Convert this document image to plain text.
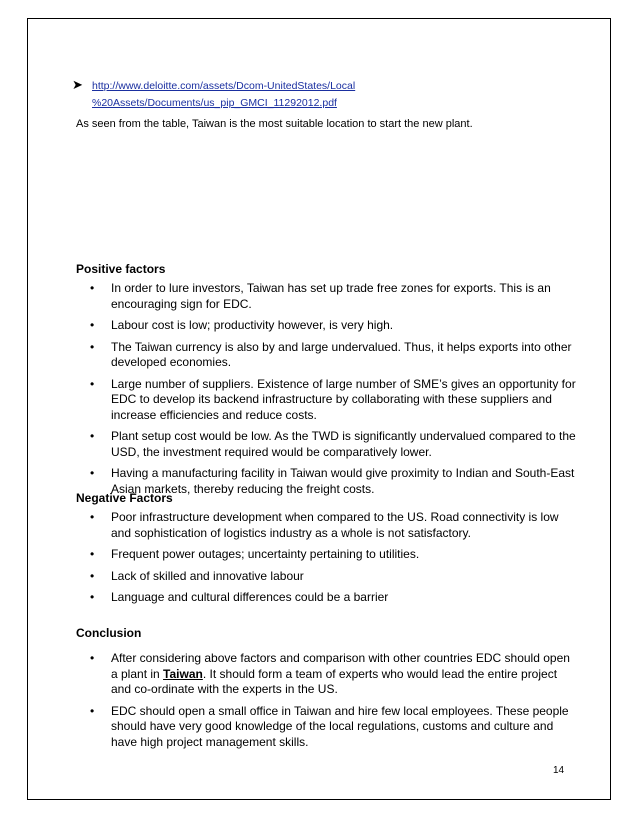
➤ http://www.deloitte.com/assets/Dcom-UnitedStates/Local
%20Assets/Documents/us_pip_GMCI_11292012.pdf
As seen from the table, Taiwan is the most suitable location to start the new plant.
Positive factors
• In order to lure investors, Taiwan has set up trade free zones for exports. This is an encouraging sign for EDC.
• Labour cost is low; productivity however, is very high.
• The Taiwan currency is also by and large undervalued. Thus, it helps exports into other developed economies.
• Large number of suppliers. Existence of large number of SME’s gives an opportunity for EDC to develop its backend infrastructure by collaborating with these suppliers and increase efficiencies and reduce costs.
• Plant setup cost would be low. As the TWD is significantly undervalued compared to the USD, the investment required would be comparatively lower.
• Having a manufacturing facility in Taiwan would give proximity to Indian and South-East Asian markets, thereby reducing the freight costs.
Negative Factors
• Poor infrastructure development when compared to the US. Road connectivity is low and sophistication of logistics industry as a whole is not satisfactory.
• Frequent power outages; uncertainty pertaining to utilities.
• Lack of skilled and innovative labour
• Language and cultural differences could be a barrier
Conclusion
• After considering above factors and comparison with other countries EDC should open a plant in Taiwan. It should form a team of experts who would lead the entire project and co-ordinate with the experts in the US.
• EDC should open a small office in Taiwan and hire few local employees. These people should have very good knowledge of the local regulations, customs and culture and have high project management skills.
14
